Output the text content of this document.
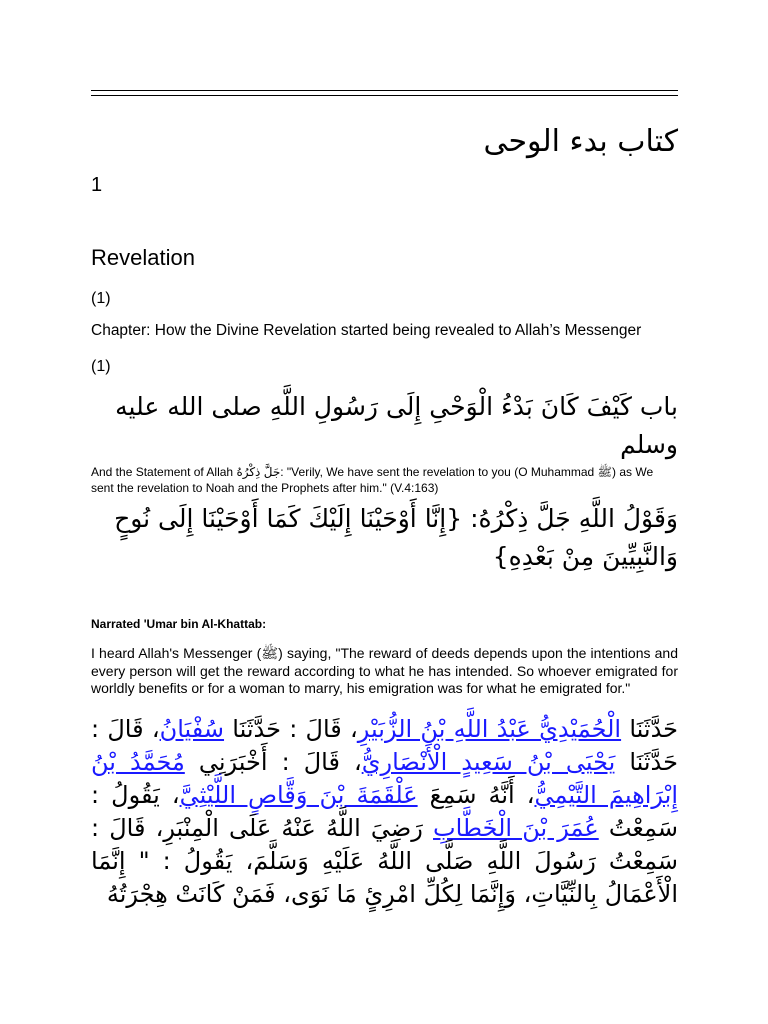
كتاب بدء الوحى
1
Revelation
(1)
Chapter: How the Divine Revelation started being revealed to Allah’s Messenger
(1)
باب كَيْفَ كَانَ بَدْءُ الْوَحْىِ إِلَى رَسُولِ اللَّهِ صلى الله عليه وسلم
And the Statement of Allah جَلَّ ذِكْرُهُ: "Verily, We have sent the revelation to you (O Muhammad ﷺ) as We sent the revelation to Noah and the Prophets after him." (V.4:163)
وَقَوْلُ اللَّهِ جَلَّ ذِكْرُهُ: {إِنَّا أَوْحَيْنَا إِلَيْكَ كَمَا أَوْحَيْنَا إِلَى نُوحٍ وَالنَّبِيِّينَ مِنْ بَعْدِهِ}
Narrated 'Umar bin Al-Khattab:
I heard Allah's Messenger (ﷺ) saying, "The reward of deeds depends upon the intentions and every person will get the reward according to what he has intended. So whoever emigrated for worldly benefits or for a woman to marry, his emigration was for what he emigrated for."
حَدَّثَنَا الْحُمَيْدِيُّ عَبْدُ اللَّهِ بْنُ الزُّبَيْرِ، قَالَ : حَدَّثَنَا سُفْيَانُ، قَالَ : حَدَّثَنَا يَحْيَى بْنُ سَعِيدٍ الْأَنْصَارِيُّ، قَالَ : أَخْبَرَنِي مُحَمَّدُ بْنُ إِبْرَاهِيمَ التَّيْمِيُّ، أَنَّهُ سَمِعَ عَلْقَمَةَ بْنَ وَقَّاصٍ اللَّيْثِيَّ، يَقُولُ : سَمِعْتُ عُمَرَ بْنَ الْخَطَّابِ رَضِيَ اللَّهُ عَنْهُ عَلَى الْمِنْبَرِ، قَالَ : سَمِعْتُ رَسُولَ اللَّهِ صَلَّى اللَّهُ عَلَيْهِ وَسَلَّمَ، يَقُولُ : " إِنَّمَا الْأَعْمَالُ بِالنِّيَّاتِ، وَإِنَّمَا لِكُلِّ امْرِئٍ مَا نَوَى، فَمَنْ كَانَتْ هِجْرَتُهُ
